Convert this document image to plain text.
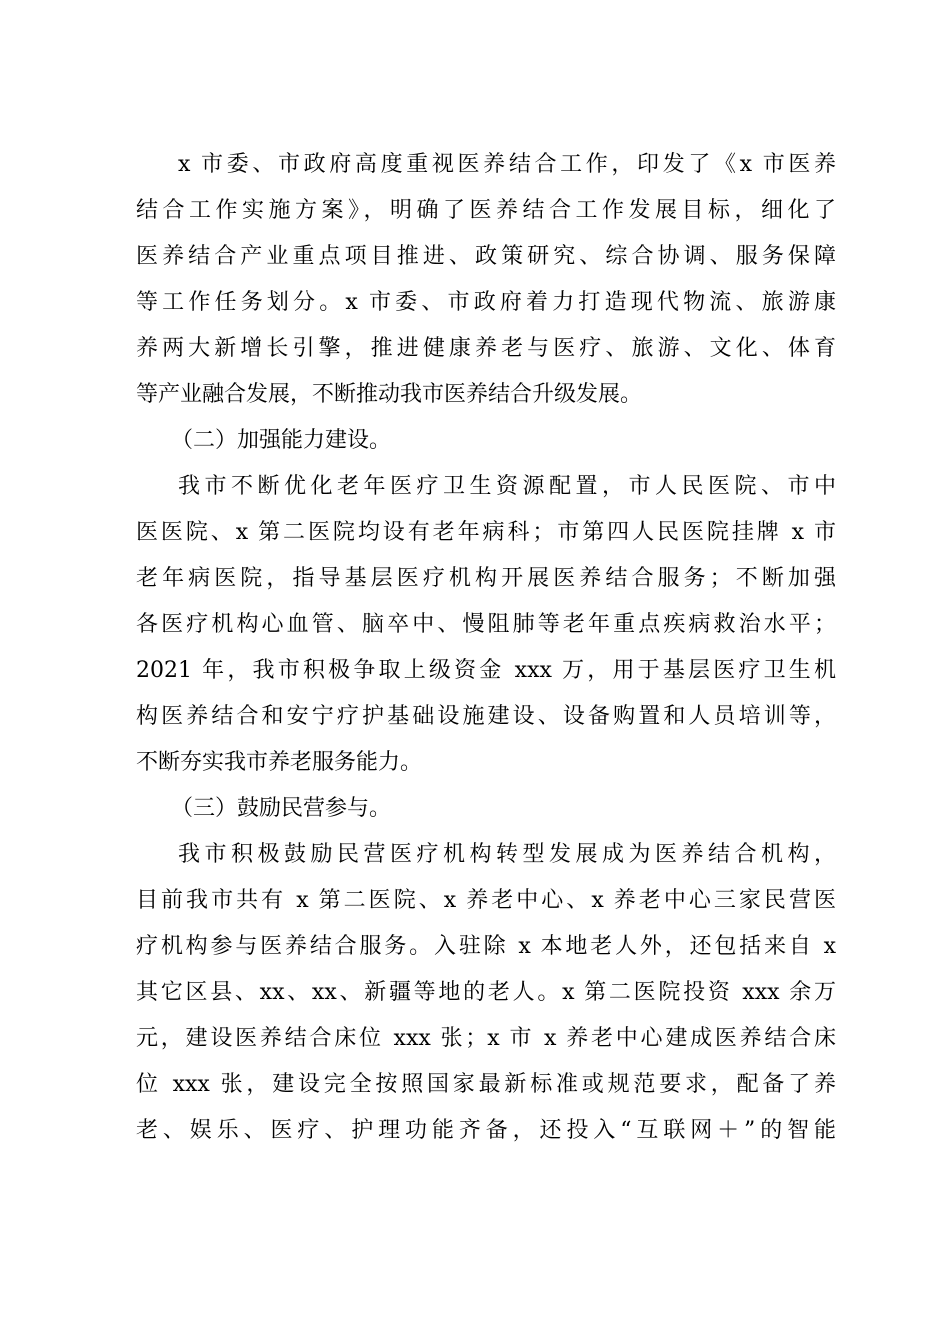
x 市委、市政府高度重视医养结合工作，印发了《x 市医养
结合工作实施方案》，明确了医养结合工作发展目标，细化了
医养结合产业重点项目推进、政策研究、综合协调、服务保障
等工作任务划分。x 市委、市政府着力打造现代物流、旅游康
养两大新增长引擎，推进健康养老与医疗、旅游、文化、体育
等产业融合发展，不断推动我市医养结合升级发展。
（二）加强能力建设。
我市不断优化老年医疗卫生资源配置，市人民医院、市中
医医院、x 第二医院均设有老年病科；市第四人民医院挂牌 x 市
老年病医院，指导基层医疗机构开展医养结合服务；不断加强
各医疗机构心血管、脑卒中、慢阻肺等老年重点疾病救治水平；
2021 年，我市积极争取上级资金 xxx 万，用于基层医疗卫生机
构医养结合和安宁疗护基础设施建设、设备购置和人员培训等，
不断夯实我市养老服务能力。
（三）鼓励民营参与。
我市积极鼓励民营医疗机构转型发展成为医养结合机构，
目前我市共有 x 第二医院、x 养老中心、x 养老中心三家民营医
疗机构参与医养结合服务。入驻除 x 本地老人外，还包括来自 x
其它区县、xx、xx、新疆等地的老人。x 第二医院投资 xxx 余万
元，建设医养结合床位 xxx 张；x 市 x 养老中心建成医养结合床
位 xxx 张，建设完全按照国家最新标准或规范要求，配备了养
老、娱乐、医疗、护理功能齐备，还投入“互联网＋”的智能
